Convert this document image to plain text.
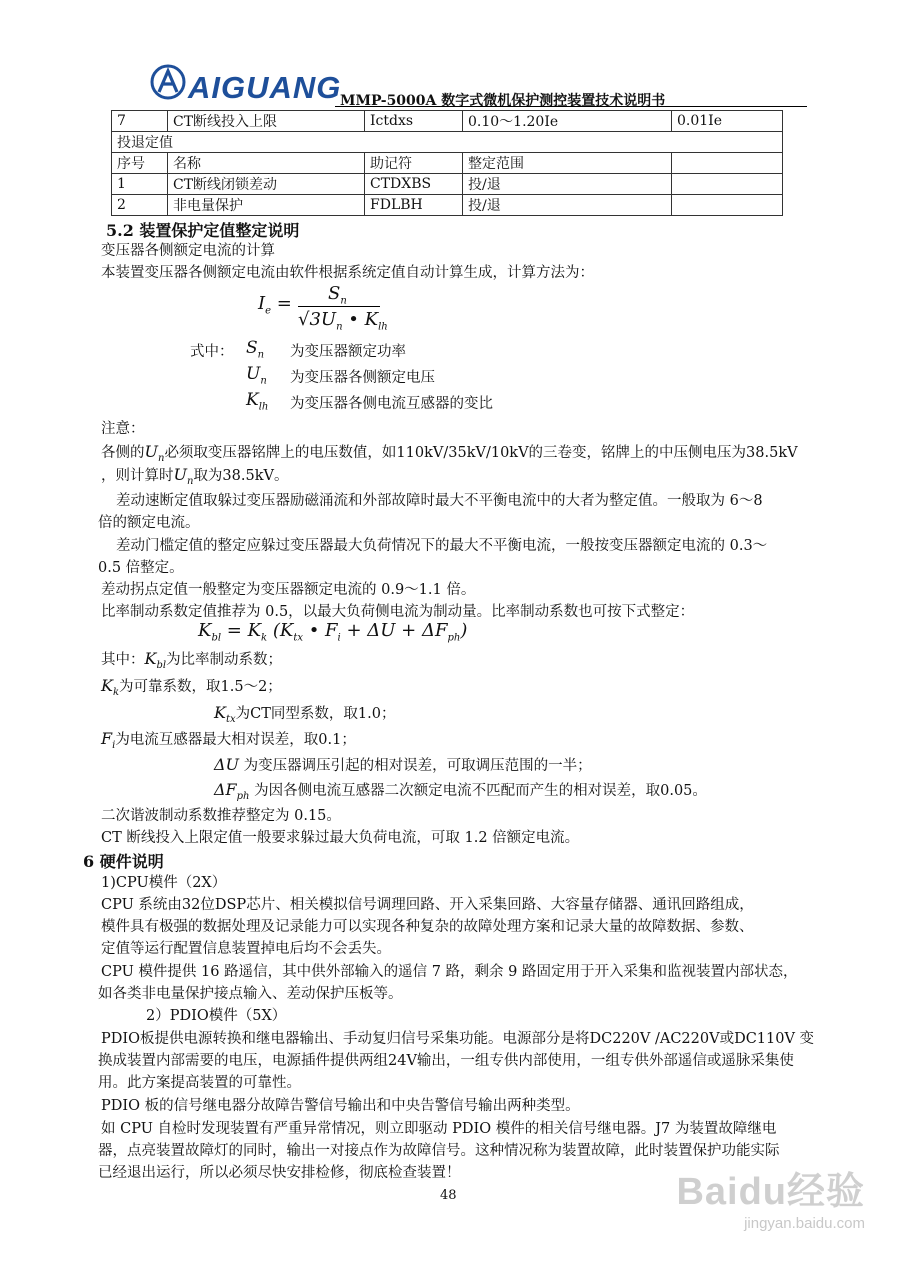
AIGUANG
MMP-5000A 数字式微机保护测控装置技术说明书
7	CT断线投入上限	Ictdxs	0.10～1.20Ie	0.01Ie
投退定值				
序号	名称	助记符	整定范围	
1	CT断线闭锁差动	CTDXBS	投/退	
2	非电量保护	FDLBH	投/退	
5.2 装置保护定值整定说明
变压器各侧额定电流的计算
本装置变压器各侧额定电流由软件根据系统定值自动计算生成，计算方法为：
$I_e = S_n$
$√3U_n$ • $K_{lh}$
式中： $S_n$ 为变压器额定功率
$U_n$ 为变压器各侧额定电压
$K_{lh}$ 为变压器各侧电流互感器的变比
注意：
各侧的$U_n$必须取变压器铭牌上的电压数值，如110kV/35kV/10kV的三卷变，铭牌上的中压侧电压为38.5kV
，则计算时$U_n$取为38.5kV。
差动速断定值取躲过变压器励磁涌流和外部故障时最大不平衡电流中的大者为整定值。一般取为 6～8
倍的额定电流。
差动门槛定值的整定应躲过变压器最大负荷情况下的最大不平衡电流，一般按变压器额定电流的 0.3～
0.5 倍整定。
差动拐点定值一般整定为变压器额定电流的 0.9～1.1 倍。
比率制动系数定值推荐为 0.5，以最大负荷侧电流为制动量。比率制动系数也可按下式整定：
$K_{bl} = K_k$ ($K_{tx}$ • $F_i + \Delta U + \Delta F_{ph}$)
其中：$K_{bl}$为比率制动系数；
$K_k$为可靠系数，取1.5～2；
$K_{tx}$为CT同型系数，取1.0；
$F_i$为电流互感器最大相对误差，取0.1；
ΔU 为变压器调压引起的相对误差，可取调压范围的一半；
$\Delta F_{ph}$ 为因各侧电流互感器二次额定电流不匹配而产生的相对误差，取0.05。
二次谐波制动系数推荐整定为 0.15。
CT 断线投入上限定值一般要求躲过最大负荷电流，可取 1.2 倍额定电流。
6 硬件说明
1)CPU模件（2X）
CPU 系统由32位DSP芯片、相关模拟信号调理回路、开入采集回路、大容量存储器、通讯回路组成，
模件具有极强的数据处理及记录能力可以实现各种复杂的故障处理方案和记录大量的故障数据、参数、
定值等运行配置信息装置掉电后均不会丢失。
CPU 模件提供 16 路遥信，其中供外部输入的遥信 7 路，剩余 9 路固定用于开入采集和监视装置内部状态，
如各类非电量保护接点输入、差动保护压板等。
2）PDIO模件（5X）
PDIO板提供电源转换和继电器输出、手动复归信号采集功能。电源部分是将DC220V /AC220V或DC110V 变
换成装置内部需要的电压，电源插件提供两组24V输出，一组专供内部使用，一组专供外部遥信或遥脉采集使
用。此方案提高装置的可靠性。
PDIO 板的信号继电器分故障告警信号输出和中央告警信号输出两种类型。
如 CPU 自检时发现装置有严重异常情况，则立即驱动 PDIO 模件的相关信号继电器。J7 为装置故障继电
器，点亮装置故障灯的同时，输出一对接点作为故障信号。这种情况称为装置故障，此时装置保护功能实际
已经退出运行，所以必须尽快安排检修，彻底检查装置！
48	Baidu经验
jingyan.baidu.com
